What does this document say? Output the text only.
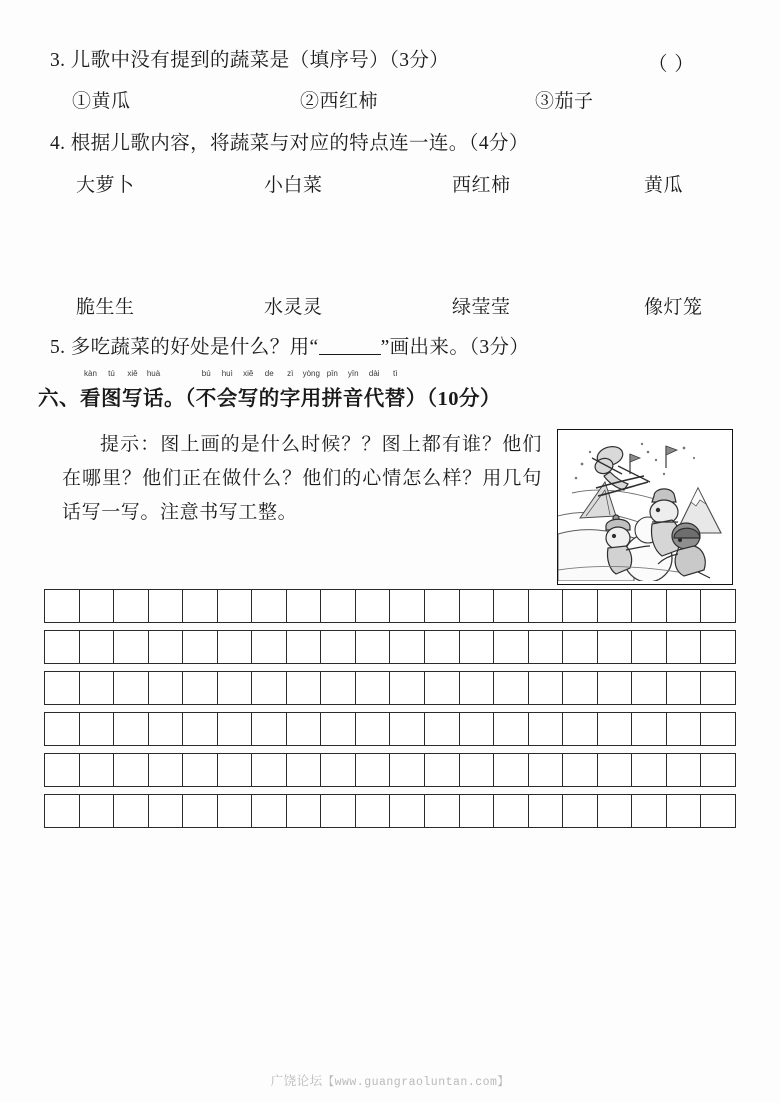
3. 儿歌中没有提到的蔬菜是（填序号）（3分）	（ ）
①黄瓜	②西红柿	③茄子
4. 根据儿歌内容，将蔬菜与对应的特点连一连。（4分）
大萝卜	小白菜	西红柿	黄瓜
脆生生	水灵灵	绿莹莹	像灯笼
5. 多吃蔬菜的好处是什么？用“	”画出来。（3分）
六、
kàn
看
tú
图
xiě
写
huà
话 。（
bú
不
huì
会
xiě
写
de
的
zì
字
yòng
用
pīn
拼
yīn
音
dài
代
tì
替 ）（10分）
提示：图上画的是什么时候？？图上都有谁？他们在哪里？他们正在做什么？他们的心情怎么样？用几句话写一写。注意书写工整。
广饶论坛【www.guangraoluntan.com】
